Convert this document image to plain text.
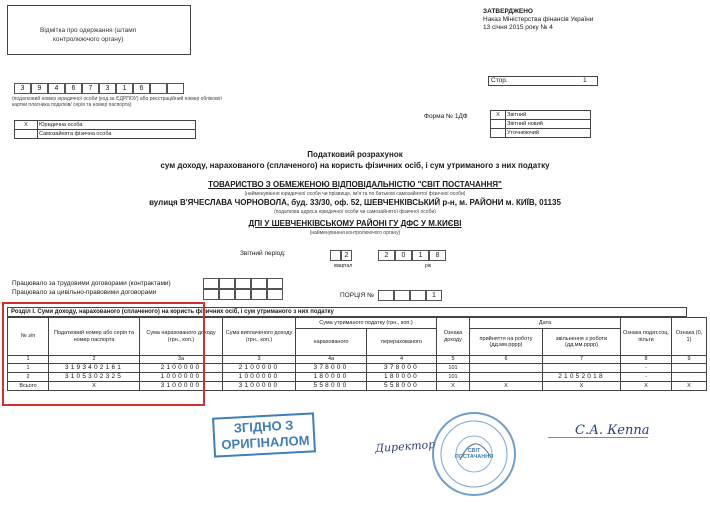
Відмітка про одержання (штамп
контролюючого органу)
ЗАТВЕРДЖЕНО
Наказ Міністерства фінансів України
13 січня 2015 року № 4
3	9	4	6	7	3	1	6
(податковий номер юридичної особи (код за ЄДРПОУ) або реєстраційний номер облікової
картки платника податків/ серія та номер паспорта)
Стор.	1
X	Юридична особа
	Самозайнята фізична особа
Форма № 1ДФ	X	Звітний
	Звітний новий
	Уточнюючий
Податковий розрахунок
сум доходу, нарахованого (сплаченого) на користь фізичних осіб, і сум утриманого з них податку
ТОВАРИСТВО З ОБМЕЖЕНОЮ ВІДПОВІДАЛЬНІСТЮ "СВІТ ПОСТАЧАННЯ"
(найменування юридичної особи чи прізвище, ім'я та по батькові самозайнятої фізичної особи)
вулиця В'ЯЧЕСЛАВА ЧОРНОВОЛА, буд. 33/30, оф. 52, ШЕВЧЕНКІВСЬКИЙ р-н, м. РАЙОНИ м. КИЇВ, 01135
(податкова адреса юридичної особи чи самозайнятої фізичної особи)
ДПІ У ШЕВЧЕНКІВСЬКОМУ РАЙОНІ ГУ ДФС У М.КИЄВІ
(найменування контролюючого органу)
Звітний період:	2
квартал
2	0	1	8
рік
Працювало за трудовими договорами (контрактами)
Працювало за цивільно-правовими договорами	ПОРЦІЯ №	1
Розділ I. Суми доходу, нарахованого (сплаченого) на користь фізичних осіб, і сум утриманого з них податку
№ з/п	Податковий номер або серія та номер паспорта	Сума нарахованого доходу (грн., коп.)	Сума виплаченого доходу (грн., коп.)	Сума утриманого податку (грн., коп.)		Ознака доходу	Дата		Ознака подат.соц. пільги	Ознака (0, 1)
				нарахованого	перерахованого		прийняття на роботу (дд.мм.рррр)	звільнення з роботи (дд.мм.рррр)		
1	2	3а	3	4а	4	5	6	7	8	9
1	3193402161	2100000	2100000	378000	378000	101			-	
2	3105302325	1000000	1000000	180000	180000	101		21052018	-	
Всього	X	3100000	3100000	558000	558000	X	X	X	X	X
ЗГІДНО З
ОРИГІНАЛОМ	Директор
С.А. Кеппа
СВІТ ПОСТАЧАННЯ
